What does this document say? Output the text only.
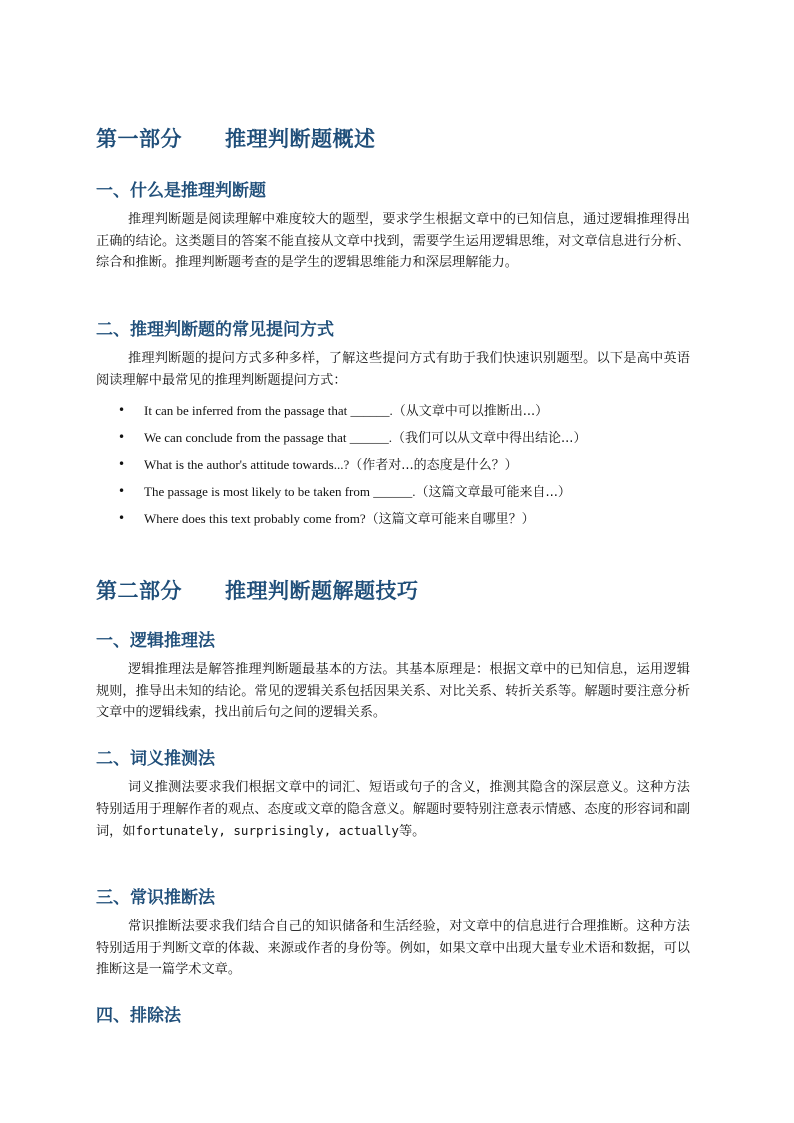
第一部分　　推理判断题概述
一、什么是推理判断题

推理判断题是阅读理解中难度较大的题型，要求学生根据文章中的已知信息，通过逻辑推理得出正确的结论。这类题目的答案不能直接从文章中找到，需要学生运用逻辑思维，对文章信息进行分析、综合和推断。推理判断题考查的是学生的逻辑思维能力和深层理解能力。

二、推理判断题的常见提问方式

推理判断题的提问方式多种多样，了解这些提问方式有助于我们快速识别题型。以下是高中英语阅读理解中最常见的推理判断题提问方式：

• It can be inferred from the passage that ______.（从文章中可以推断出...）
• We can conclude from the passage that ______.（我们可以从文章中得出结论...）
• What is the author's attitude towards...?（作者对...的态度是什么？）
• The passage is most likely to be taken from ______.（这篇文章最可能来自...）
• Where does this text probably come from?（这篇文章可能来自哪里？）
第二部分　　推理判断题解题技巧
一、逻辑推理法

逻辑推理法是解答推理判断题最基本的方法。其基本原理是：根据文章中的已知信息，运用逻辑规则，推导出未知的结论。常见的逻辑关系包括因果关系、对比关系、转折关系等。解题时要注意分析文章中的逻辑线索，找出前后句之间的逻辑关系。

二、词义推测法

词义推测法要求我们根据文章中的词汇、短语或句子的含义，推测其隐含的深层意义。这种方法特别适用于理解作者的观点、态度或文章的隐含意义。解题时要特别注意表示情感、态度的形容词和副词，如fortunately, surprisingly, actually等。

三、常识推断法

常识推断法要求我们结合自己的知识储备和生活经验，对文章中的信息进行合理推断。这种方法特别适用于判断文章的体裁、来源或作者的身份等。例如，如果文章中出现大量专业术语和数据，可以推断这是一篇学术文章。

四、排除法
